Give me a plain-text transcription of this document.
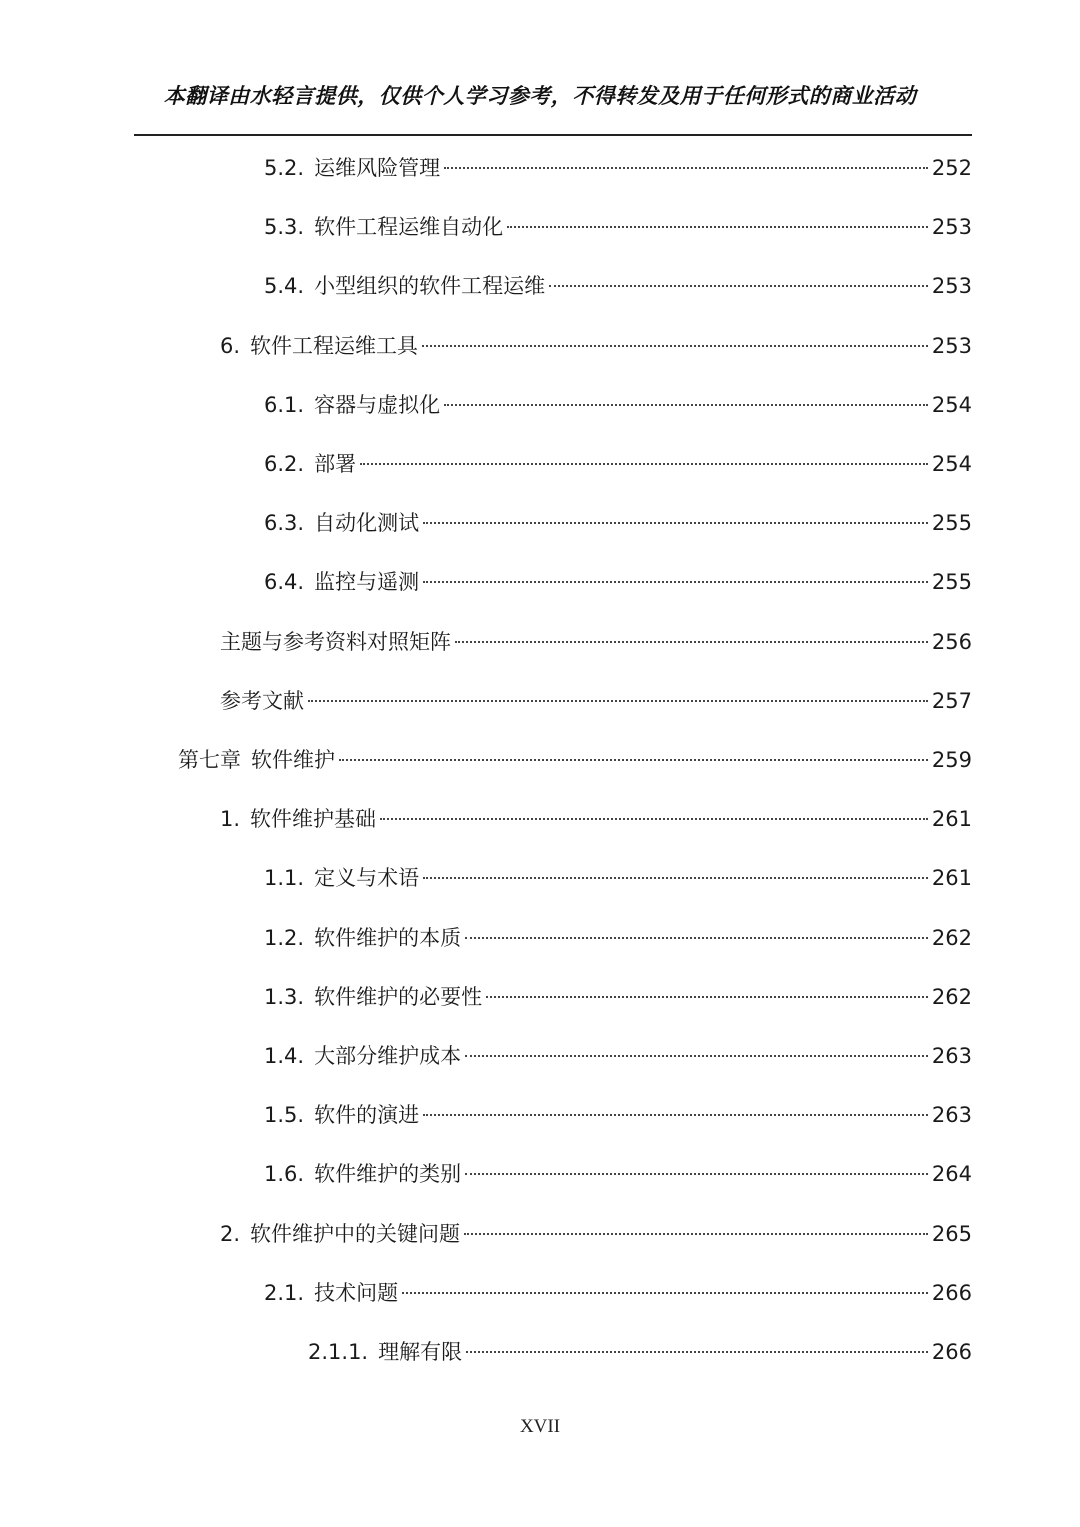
本翻译由水轻言提供，仅供个人学习参考，不得转发及用于任何形式的商业活动
5.2. 运维风险管理	252
5.3. 软件工程运维自动化	253
5.4. 小型组织的软件工程运维	253
6. 软件工程运维工具	253
6.1. 容器与虚拟化	254
6.2. 部署	254
6.3. 自动化测试	255
6.4. 监控与遥测	255
主题与参考资料对照矩阵	256
参考文献	257
第七章 软件维护	259
1. 软件维护基础	261
1.1. 定义与术语	261
1.2. 软件维护的本质	262
1.3. 软件维护的必要性	262
1.4. 大部分维护成本	263
1.5. 软件的演进	263
1.6. 软件维护的类别	264
2. 软件维护中的关键问题	265
2.1. 技术问题	266
2.1.1. 理解有限	266
XVII
